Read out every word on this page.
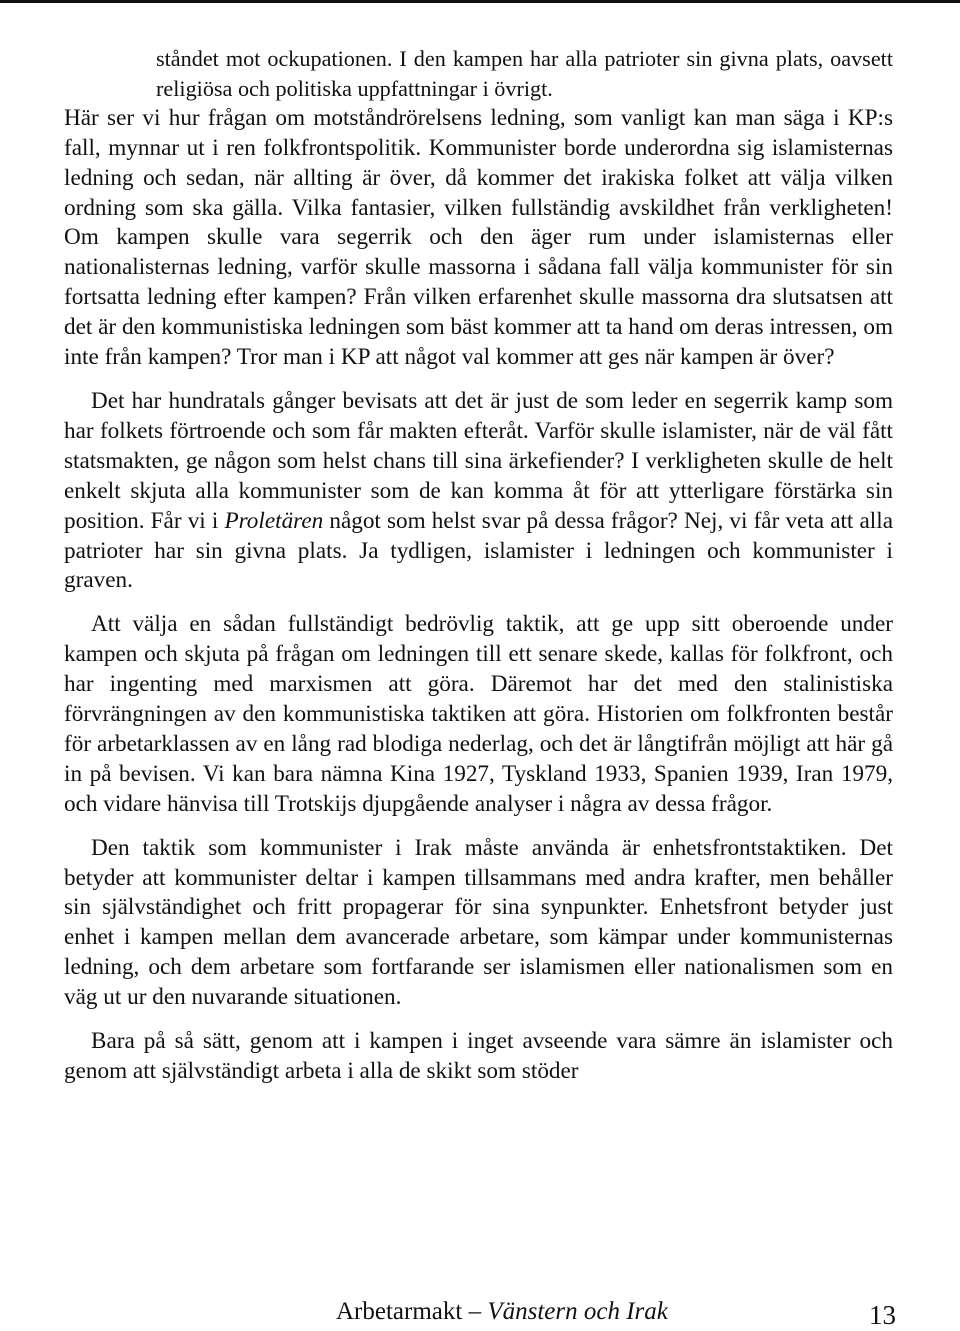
ståndet mot ockupationen. I den kampen har alla patrioter sin givna plats, oavsett religiösa och politiska uppfattningar i övrigt.

Här ser vi hur frågan om motståndrörelsens ledning, som vanligt kan man säga i KP:s fall, mynnar ut i ren folkfrontspolitik. Kommunister borde underordna sig islamisternas ledning och sedan, när allting är över, då kommer det irakiska folket att välja vilken ordning som ska gälla. Vilka fantasier, vilken fullständig avskildhet från verkligheten! Om kampen skulle vara segerrik och den äger rum under islamisternas eller nationalisternas ledning, varför skulle massorna i sådana fall välja kommunister för sin fortsatta ledning efter kampen? Från vilken erfarenhet skulle massorna dra slutsatsen att det är den kommunistiska ledningen som bäst kommer att ta hand om deras intressen, om inte från kampen? Tror man i KP att något val kommer att ges när kampen är över?

Det har hundratals gånger bevisats att det är just de som leder en segerrik kamp som har folkets förtroende och som får makten efteråt. Varför skulle islamister, när de väl fått statsmakten, ge någon som helst chans till sina ärkefiender? I verkligheten skulle de helt enkelt skjuta alla kommunister som de kan komma åt för att ytterligare förstärka sin position. Får vi i Proletären något som helst svar på dessa frågor? Nej, vi får veta att alla patrioter har sin givna plats. Ja tydligen, islamister i ledningen och kommunister i graven.

Att välja en sådan fullständigt bedrövlig taktik, att ge upp sitt oberoende under kampen och skjuta på frågan om ledningen till ett senare skede, kallas för folkfront, och har ingenting med marxismen att göra. Däremot har det med den stalinistiska förvrängningen av den kommunistiska taktiken att göra. Historien om folkfronten består för arbetarklassen av en lång rad blodiga nederlag, och det är långtifrån möjligt att här gå in på bevisen. Vi kan bara nämna Kina 1927, Tyskland 1933, Spanien 1939, Iran 1979, och vidare hänvisa till Trotskijs djupgående analyser i några av dessa frågor.

Den taktik som kommunister i Irak måste använda är enhetsfrontstaktiken. Det betyder att kommunister deltar i kampen tillsammans med andra krafter, men behåller sin självständighet och fritt propagerar för sina synpunkter. Enhetsfront betyder just enhet i kampen mellan dem avancerade arbetare, som kämpar under kommunisternas ledning, och dem arbetare som fortfarande ser islamismen eller nationalismen som en väg ut ur den nuvarande situationen.

Bara på så sätt, genom att i kampen i inget avseende vara sämre än islamister och genom att självständigt arbeta i alla de skikt som stöder

Arbetarmakt – Vänstern och Irak	13
